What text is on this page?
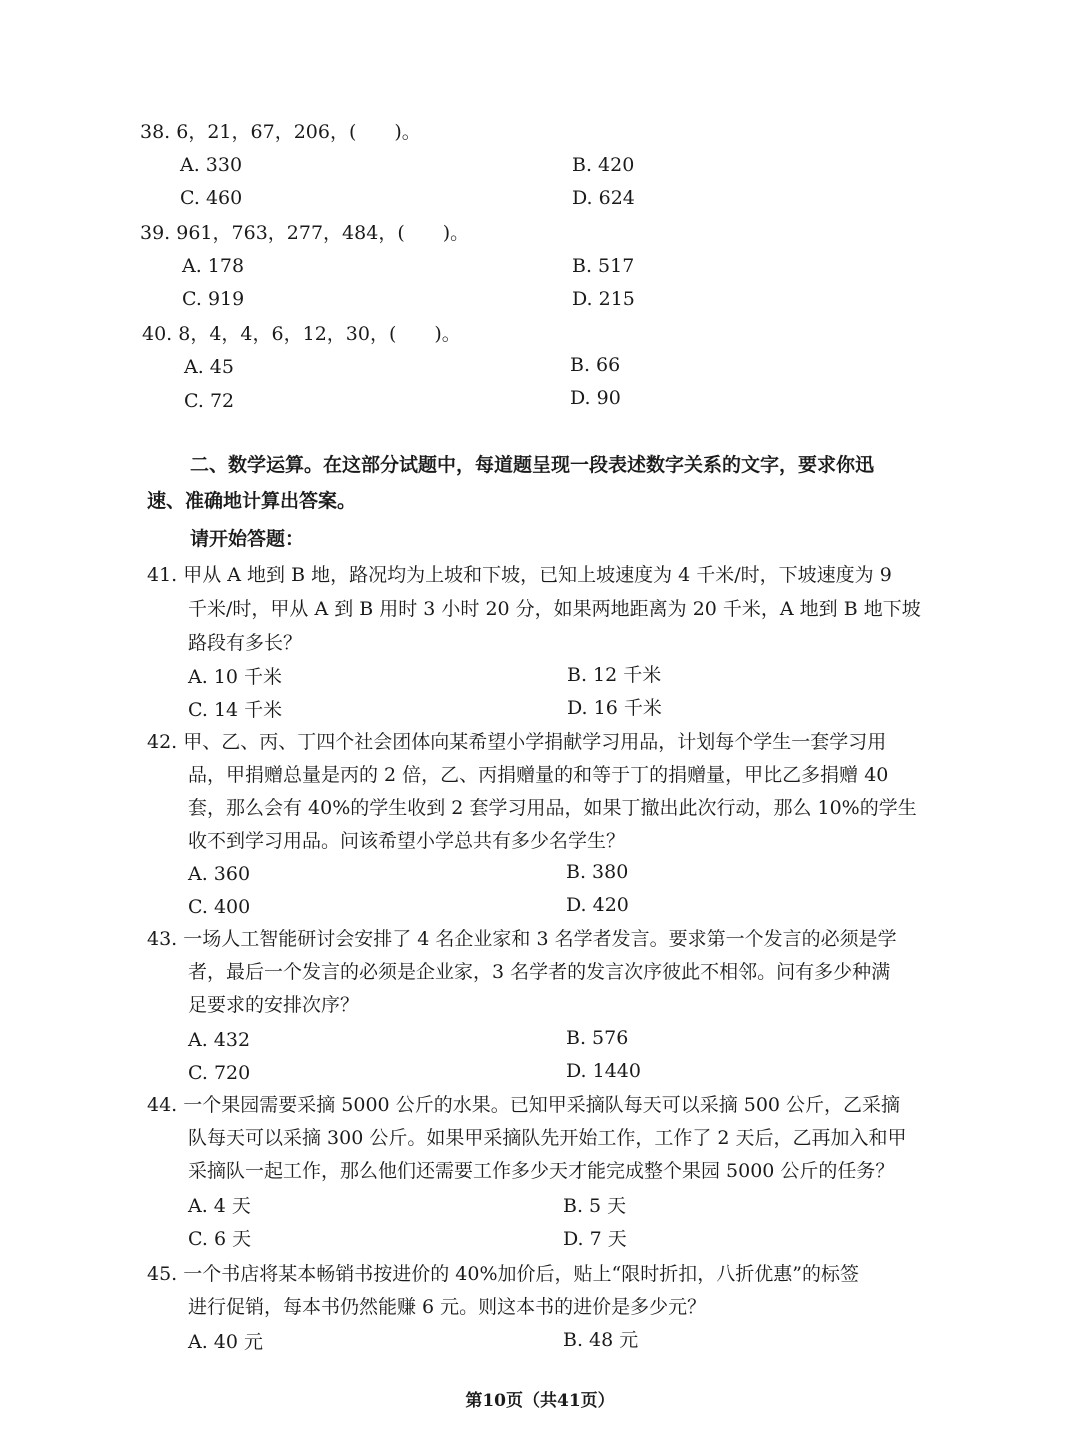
38. 6，21，67，206，(　　)。
A. 330	B. 420
C. 460	D. 624
39. 961，763，277，484，(　　)。
A. 178	B. 517
C. 919	D. 215
40. 8，4，4，6，12，30，(　　)。
A. 45	B. 66
C. 72	D. 90
二、数学运算。在这部分试题中，每道题呈现一段表述数字关系的文字，要求你迅
速、准确地计算出答案。
请开始答题：
41. 甲从 A 地到 B 地，路况均为上坡和下坡，已知上坡速度为 4 千米/时，下坡速度为 9
千米/时，甲从 A 到 B 用时 3 小时 20 分，如果两地距离为 20 千米，A 地到 B 地下坡
路段有多长？
A. 10 千米	B. 12 千米
C. 14 千米	D. 16 千米
42. 甲、乙、丙、丁四个社会团体向某希望小学捐献学习用品，计划每个学生一套学习用
品，甲捐赠总量是丙的 2 倍，乙、丙捐赠量的和等于丁的捐赠量，甲比乙多捐赠 40
套，那么会有 40%的学生收到 2 套学习用品，如果丁撤出此次行动，那么 10%的学生
收不到学习用品。问该希望小学总共有多少名学生？
A. 360	B. 380
C. 400	D. 420
43. 一场人工智能研讨会安排了 4 名企业家和 3 名学者发言。要求第一个发言的必须是学
者，最后一个发言的必须是企业家，3 名学者的发言次序彼此不相邻。问有多少种满
足要求的安排次序？
A. 432	B. 576
C. 720	D. 1440
44. 一个果园需要采摘 5000 公斤的水果。已知甲采摘队每天可以采摘 500 公斤，乙采摘
队每天可以采摘 300 公斤。如果甲采摘队先开始工作，工作了 2 天后，乙再加入和甲
采摘队一起工作，那么他们还需要工作多少天才能完成整个果园 5000 公斤的任务？
A. 4 天	B. 5 天
C. 6 天	D. 7 天
45. 一个书店将某本畅销书按进价的 40%加价后，贴上“限时折扣，八折优惠”的标签
进行促销，每本书仍然能赚 6 元。则这本书的进价是多少元？
A. 40 元	B. 48 元
第10页（共41页）
